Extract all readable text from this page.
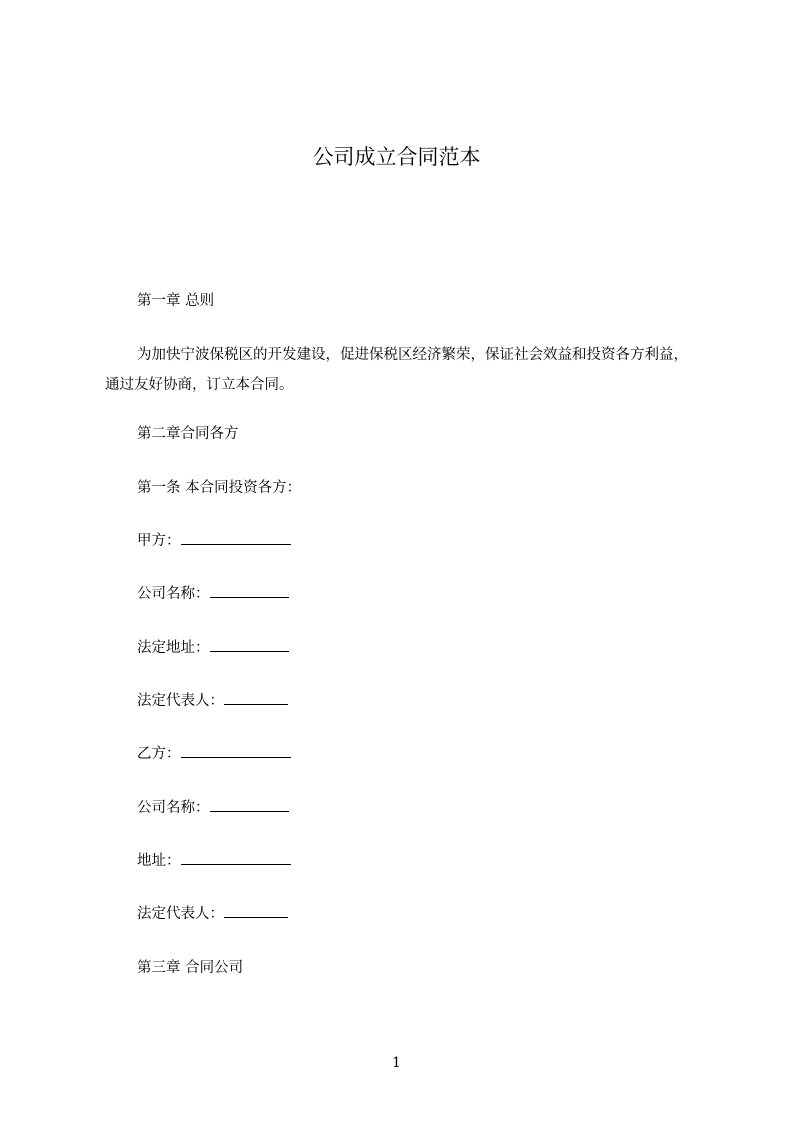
公司成立合同范本
第一章 总则
为加快宁波保税区的开发建设，促进保税区经济繁荣，保证社会效益和投资各方利益，通过友好协商，订立本合同。
第二章合同各方
第一条 本合同投资各方：
甲方：
公司名称：
法定地址：
法定代表人：
乙方：
公司名称：
地址：
法定代表人：
第三章 合同公司
1
